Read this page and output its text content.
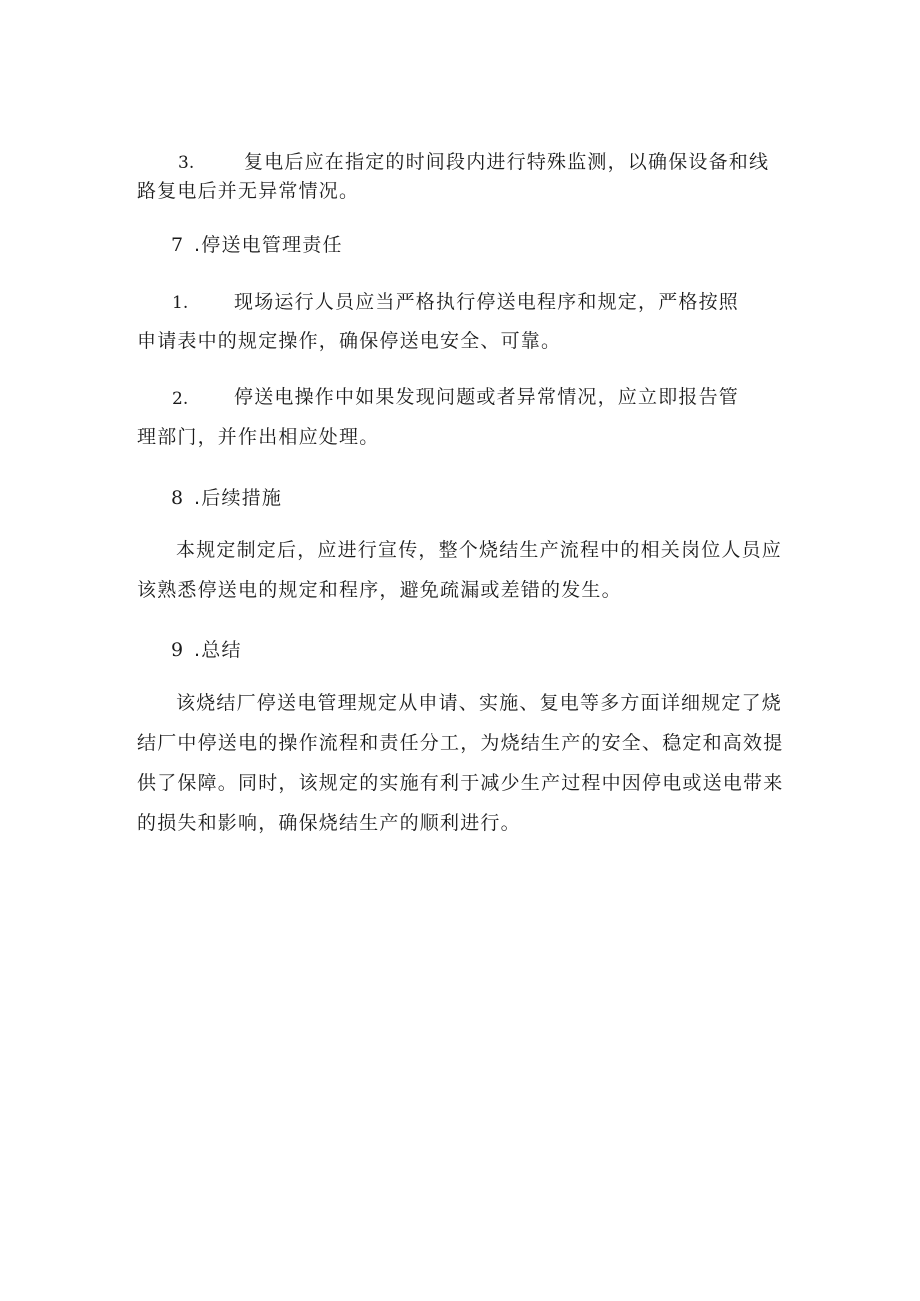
3.	复电后应在指定的时间段内进行特殊监测，以确保设备和线
路复电后并无异常情况。
7 .停送电管理责任
1. 现场运行人员应当严格执行停送电程序和规定，严格按照
申请表中的规定操作，确保停送电安全、可靠。
2. 停送电操作中如果发现问题或者异常情况，应立即报告管
理部门，并作出相应处理。
8 .后续措施
本规定制定后，应进行宣传，整个烧结生产流程中的相关岗位人员应
该熟悉停送电的规定和程序，避免疏漏或差错的发生。
9 .总结
该烧结厂停送电管理规定从申请、实施、复电等多方面详细规定了烧
结厂中停送电的操作流程和责任分工，为烧结生产的安全、稳定和高效提
供了保障。同时，该规定的实施有利于减少生产过程中因停电或送电带来
的损失和影响，确保烧结生产的顺利进行。
